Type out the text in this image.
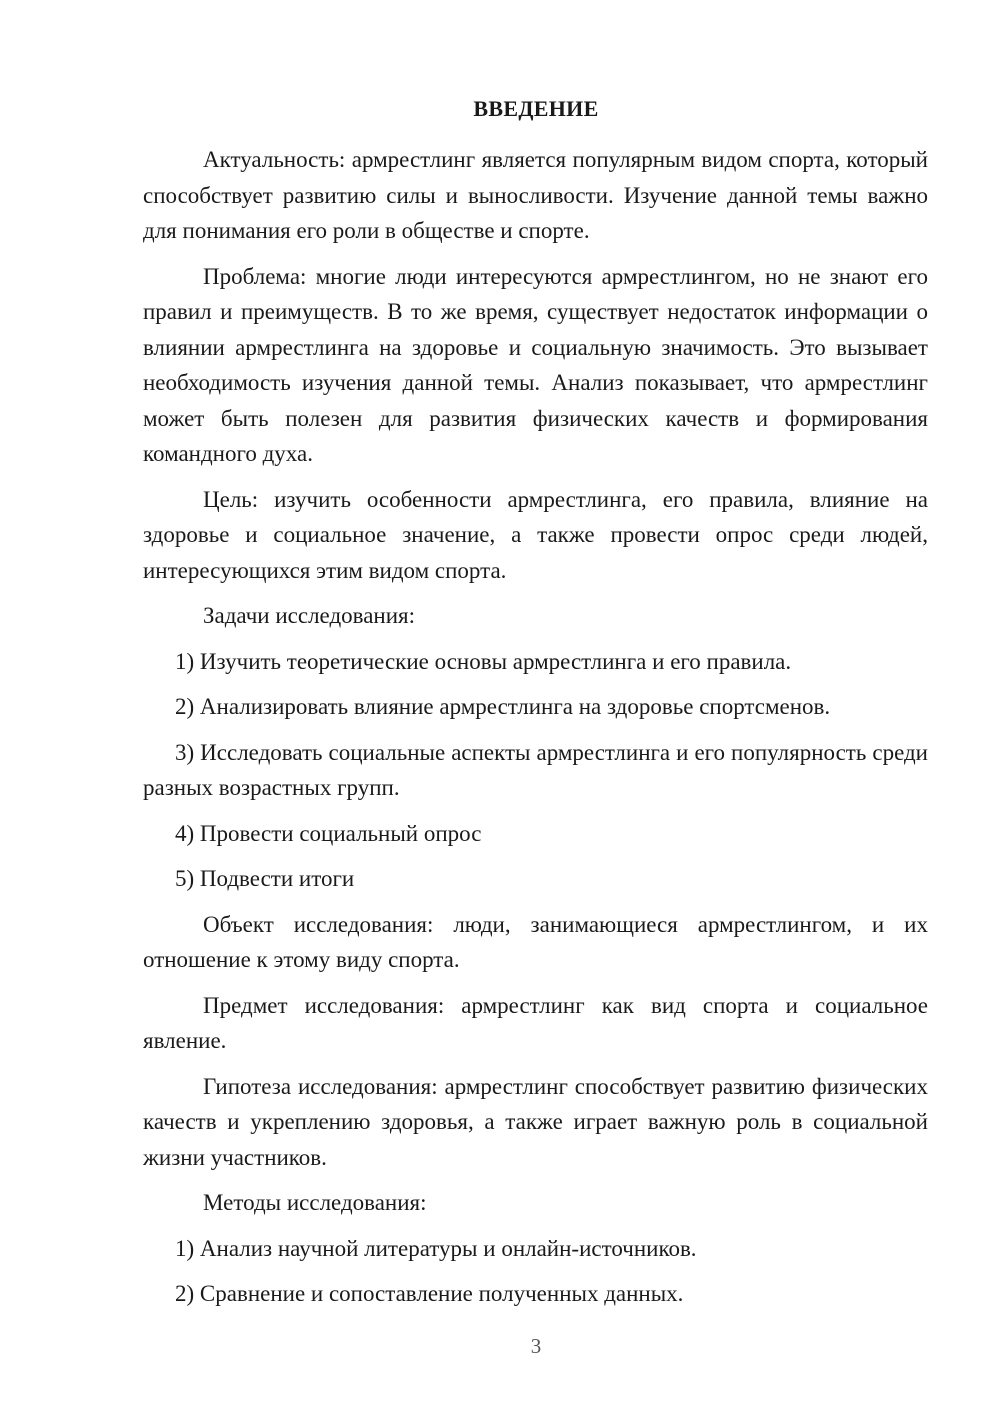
ВВЕДЕНИЕ

Актуальность: армрестлинг является популярным видом спорта, который способствует развитию силы и выносливости. Изучение данной темы важно для понимания его роли в обществе и спорте.

Проблема: многие люди интересуются армрестлингом, но не знают его правил и преимуществ. В то же время, существует недостаток информации о влиянии армрестлинга на здоровье и социальную значимость. Это вызывает необходимость изучения данной темы. Анализ показывает, что армрестлинг может быть полезен для развития физических качеств и формирования командного духа.

Цель: изучить особенности армрестлинга, его правила, влияние на здоровье и социальное значение, а также провести опрос среди людей, интересующихся этим видом спорта.

Задачи исследования:

1) Изучить теоретические основы армрестлинга и его правила.

2) Анализировать влияние армрестлинга на здоровье спортсменов.

3) Исследовать социальные аспекты армрестлинга и его популярность среди разных возрастных групп.

4) Провести социальный опрос

5) Подвести итоги

Объект исследования: люди, занимающиеся армрестлингом, и их отношение к этому виду спорта.

Предмет исследования: армрестлинг как вид спорта и социальное явление.

Гипотеза исследования: армрестлинг способствует развитию физических качеств и укреплению здоровья, а также играет важную роль в социальной жизни участников.

Методы исследования:

1) Анализ научной литературы и онлайн-источников.

2) Сравнение и сопоставление полученных данных.

3
